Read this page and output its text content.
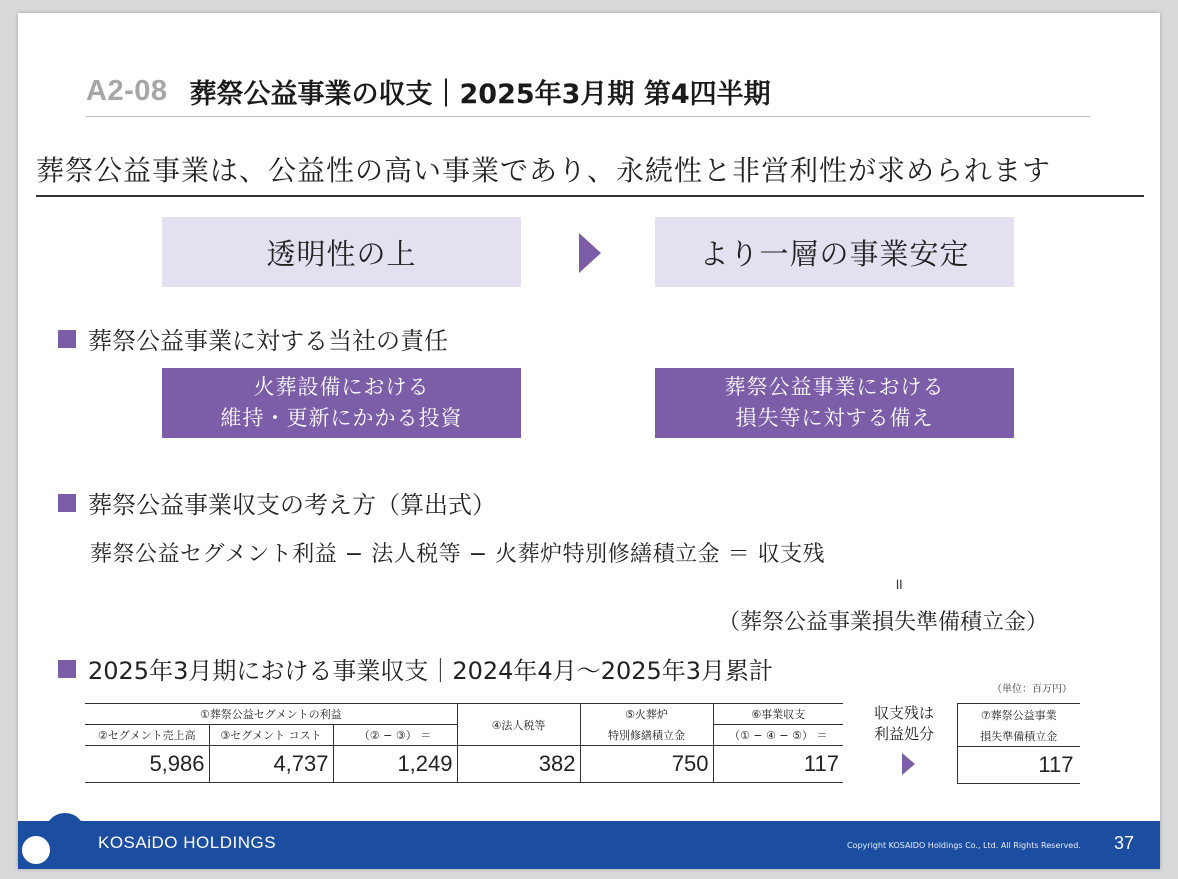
A2-08 葬祭公益事業の収支｜2025年3月期 第4四半期
葬祭公益事業は、公益性の高い事業であり、永続性と非営利性が求められます
透明性の上	より一層の事業安定
葬祭公益事業に対する当社の責任
火葬設備における
維持・更新にかかる投資
葬祭公益事業における
損失等に対する備え
葬祭公益事業収支の考え方（算出式）
葬祭公益セグメント利益 − 法人税等 − 火葬炉特別修繕積立金 ＝ 収支残
॥
（葬祭公益事業損失準備積立金）
2025年3月期における事業収支｜2024年4月〜2025年3月累計
（単位：百万円）
①葬祭公益セグメントの利益			④法人税等	⑤火葬炉	⑥事業収支
②セグメント売上高	③セグメント コスト	（② − ③） ＝		特別修繕積立金	（① − ④ − ⑤） ＝
5,986	4,737	1,249	382	750	117
収支残は
利益処分
⑦葬祭公益事業
損失準備積立金
117
KOSAiDO HOLDINGS	Copyright KOSAIDO Holdings Co., Ltd. All Rights Reserved. 37
